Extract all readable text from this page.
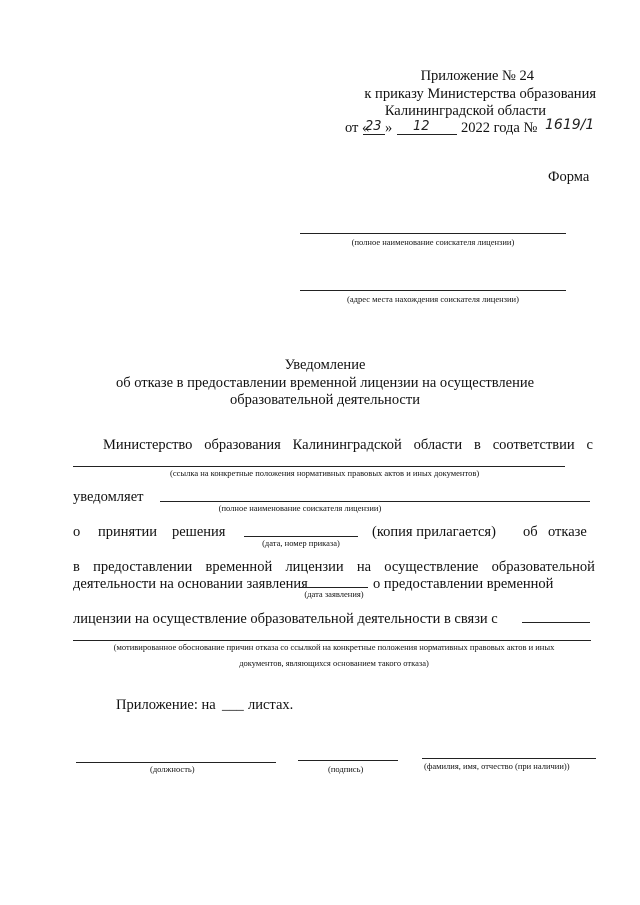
Приложение № 24
к приказу Министерства образования
Калининградской области
от «
23 » 12 2022 года № 1619/1
Форма
(полное наименование соискателя лицензии)
(адрес места нахождения соискателя лицензии)
Уведомление
об отказе в предоставлении временной лицензии на осуществление
образовательной деятельности
Министерство образования Калининградской области в соответствии с
(ссылка на конкретные положения нормативных правовых актов и иных документов)
уведомляет
(полное наименование соискателя лицензии)
о принятии решения
(дата, номер приказа)
(копия прилагается) об отказе
в предоставлении временной лицензии на осуществление образовательной
деятельности на основании заявления
(дата заявления)
о предоставлении временной
лицензии на осуществление образовательной деятельности в связи с
(мотивированное обоснование причин отказа со ссылкой на конкретные положения нормативных правовых актов и иных
документов, являющихся основанием такого отказа)
Приложение: на ___ листах.
(должность)	(подпись)	(фамилия, имя, отчество (при наличии))
